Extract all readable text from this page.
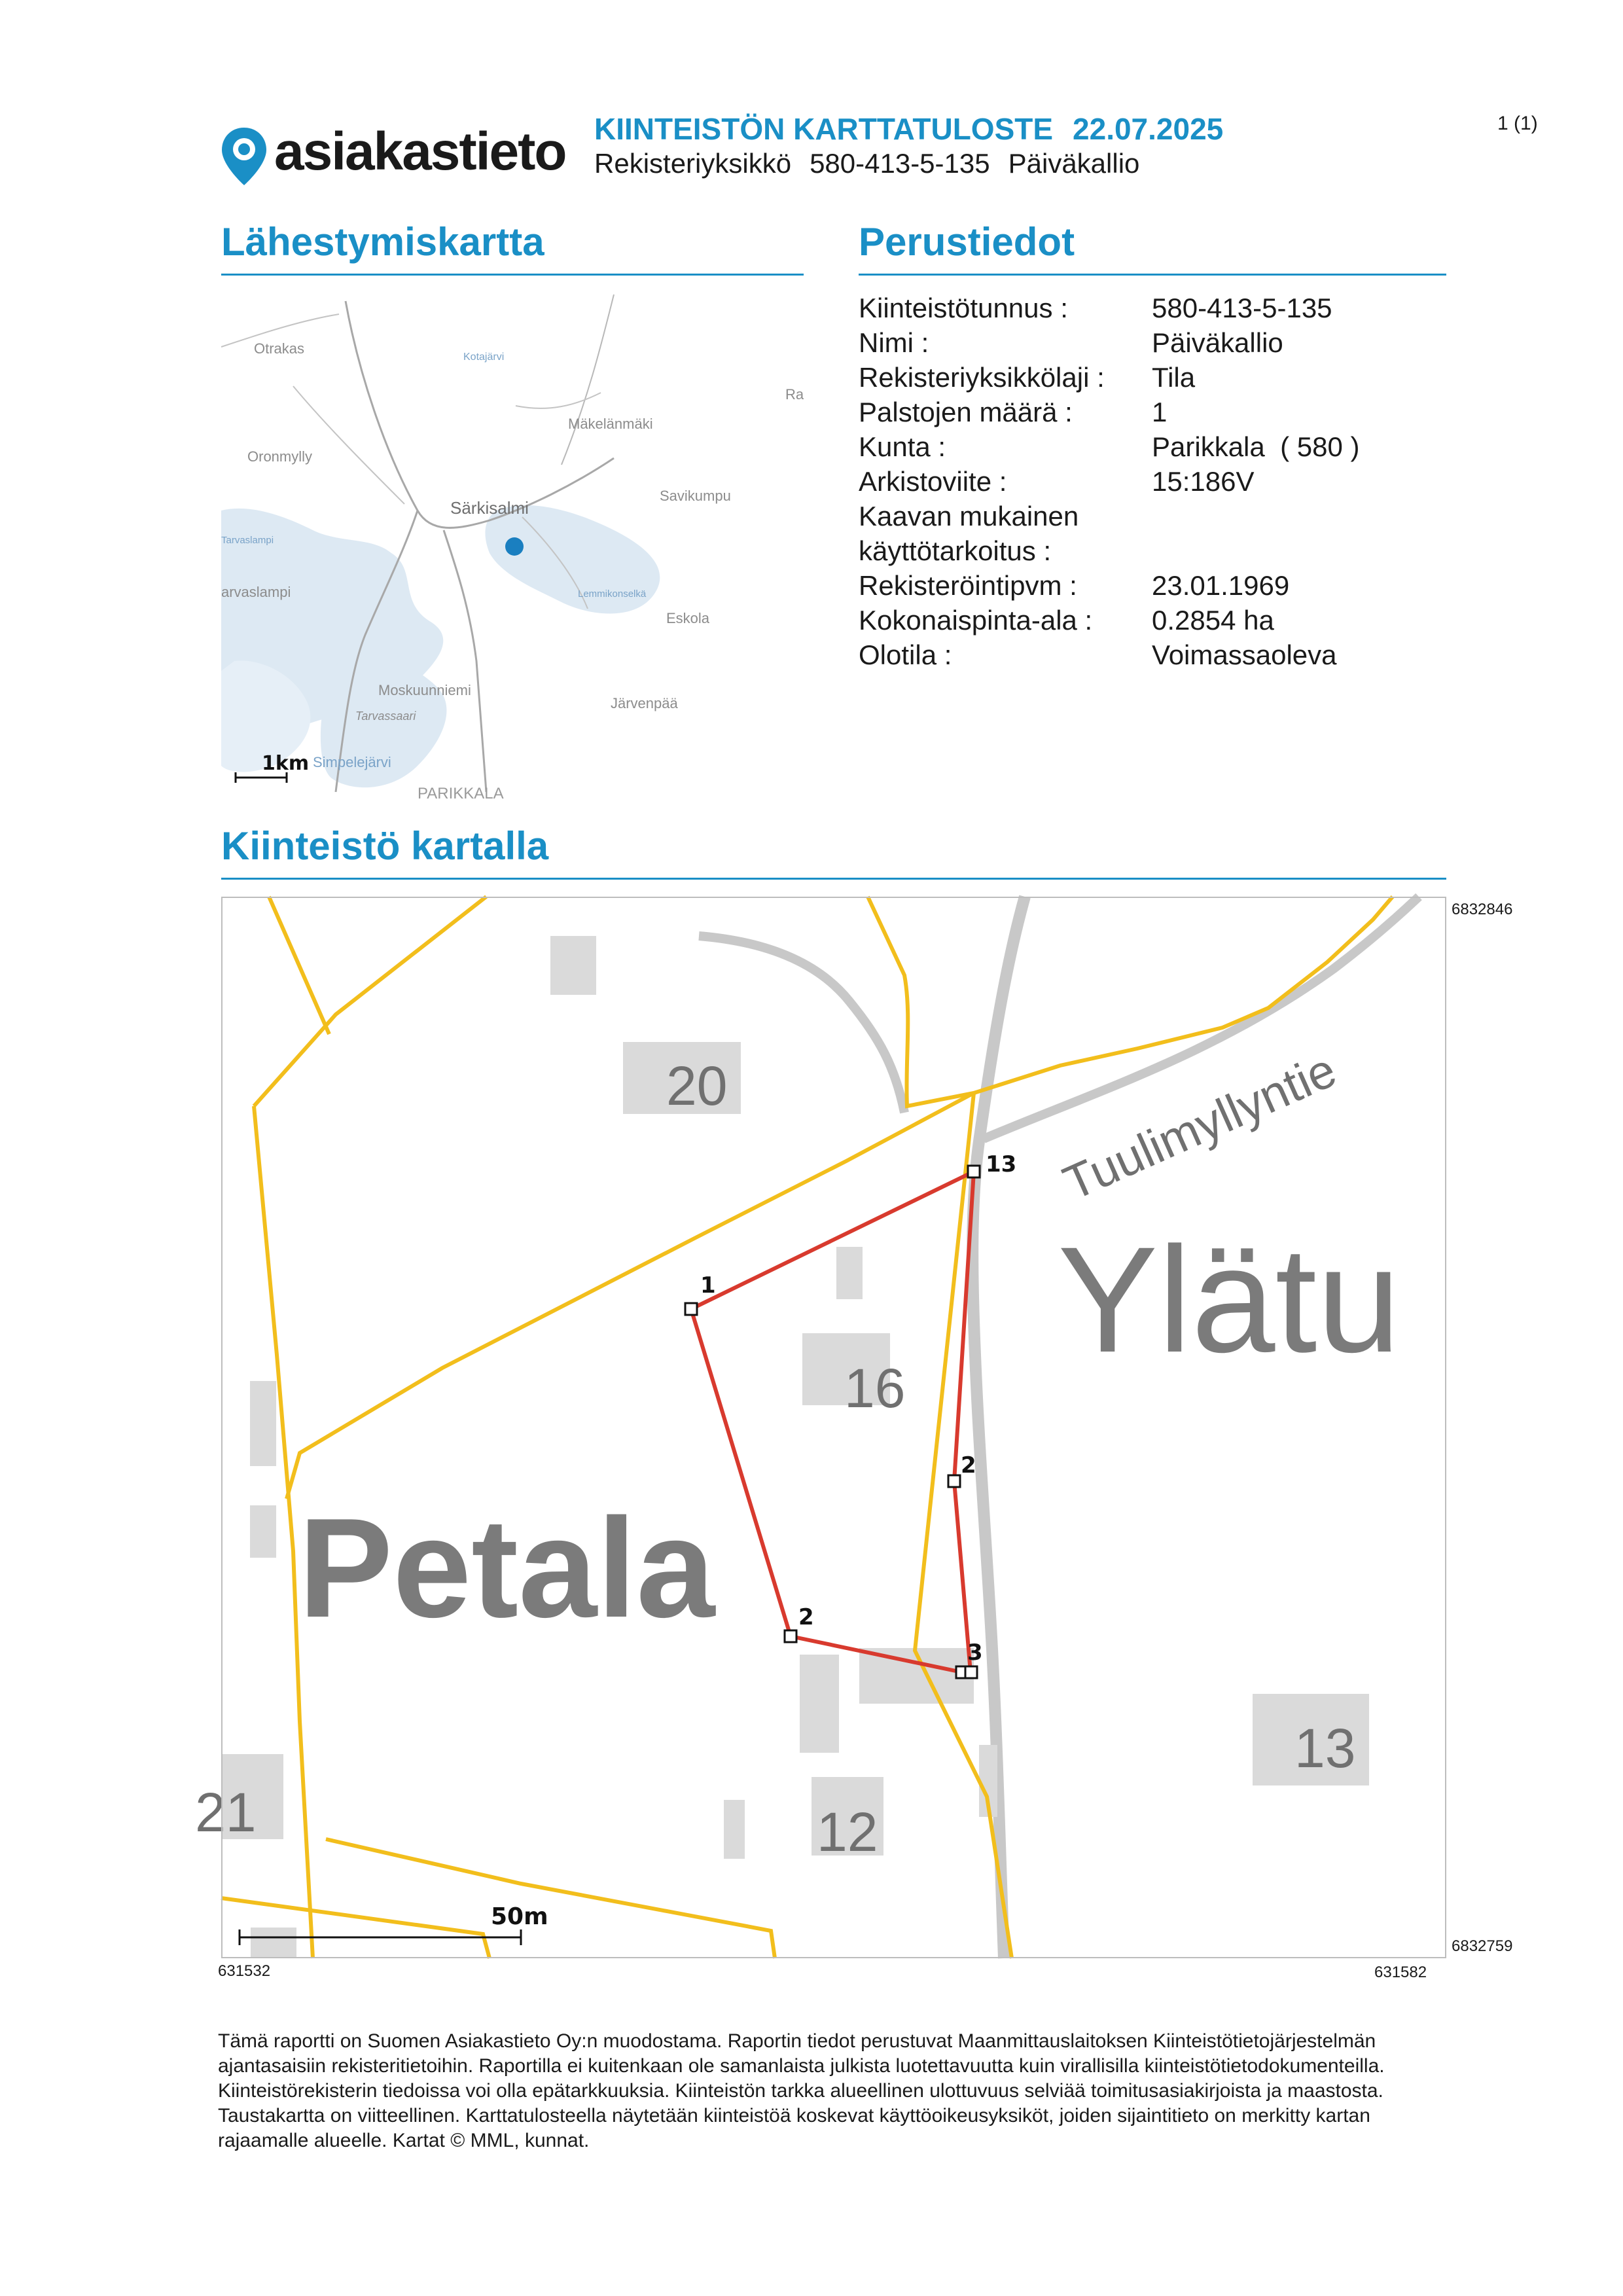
asiakastieto KIINTEISTÖN KARTTATULOSTE 22.07.2025
Rekisteriyksikkö 580-413-5-135 Päiväkallio
1 (1)
Lähestymiskartta	Perustiedot
Kiinteistö kartalla
Kiinteistötunnus :	580-413-5-135
Nimi :	Päiväkallio
Rekisteriyksikkölaji :	Tila
Palstojen määrä :	1
Kunta :	Parikkala  ( 580 )
Arkistoviite :	15:186V
Kaavan mukainen
käyttötarkoitus :
Rekisteröintipvm :	23.01.1969
Kokonaispinta-ala :	0.2854 ha
Olotila :	Voimassaoleva
Otrakas
Kotajärvi
Ra
Mäkelänmäki
Oronmylly
Savikumpu
Särkisalmi
Tarvaslampi
arvaslampi	Lemmikonselkä
Eskola
Moskuunniemi
Järvenpää
Tarvassaari
Simpelejärvi
PARIKKALA
1km
Petala
Ylätu
Tuulimyllyntie
20
16
13
12
21
13
1
2
2
3
50m
6832846
6832759
631532	631582
Tämä raportti on Suomen Asiakastieto Oy:n muodostama. Raportin tiedot perustuvat Maanmittauslaitoksen Kiinteistötietojärjestelmän ajantasaisiin rekisteritietoihin. Raportilla ei kuitenkaan ole samanlaista julkista luotettavuutta kuin virallisilla kiinteistötietodokumenteilla. Kiinteistörekisterin tiedoissa voi olla epätarkkuuksia. Kiinteistön tarkka alueellinen ulottuvuus selviää toimitusasiakirjoista ja maastosta. Taustakartta on viitteellinen. Karttatulosteella näytetään kiinteistöä koskevat käyttöoikeusyksiköt, joiden sijaintitieto on merkitty kartan rajaamalle alueelle. Kartat © MML, kunnat.
